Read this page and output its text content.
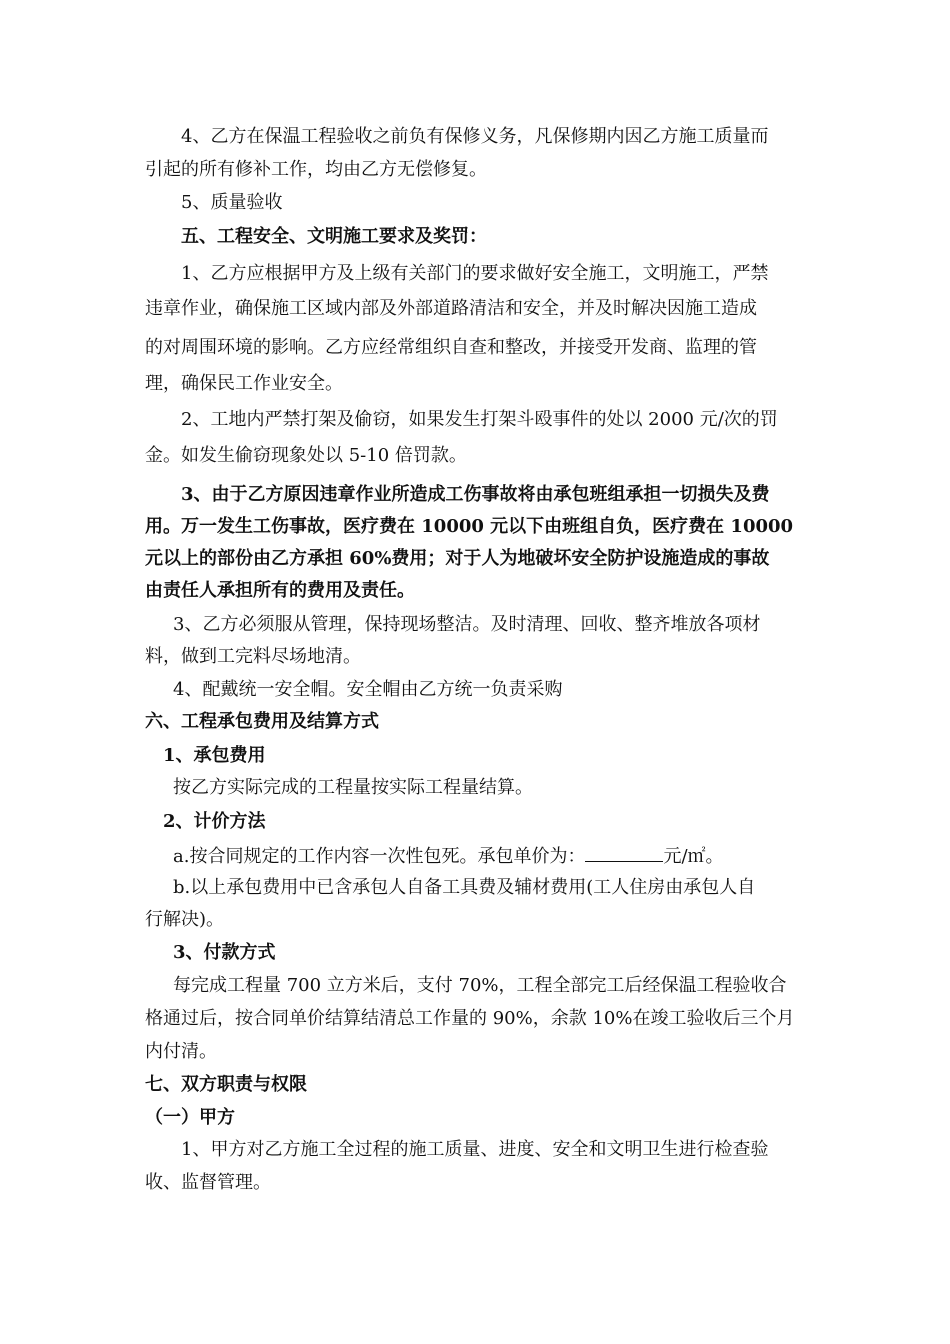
4、乙方在保温工程验收之前负有保修义务，凡保修期内因乙方施工质量而
引起的所有修补工作，均由乙方无偿修复。
5、质量验收
五、工程安全、文明施工要求及奖罚：
1、乙方应根据甲方及上级有关部门的要求做好安全施工，文明施工，严禁
违章作业，确保施工区域内部及外部道路清洁和安全，并及时解决因施工造成
的对周围环境的影响。乙方应经常组织自查和整改，并接受开发商、监理的管
理，确保民工作业安全。
2、工地内严禁打架及偷窃，如果发生打架斗殴事件的处以 2000 元/次的罚
金。如发生偷窃现象处以 5-10 倍罚款。
3、由于乙方原因违章作业所造成工伤事故将由承包班组承担一切损失及费
用。万一发生工伤事故，医疗费在 10000 元以下由班组自负，医疗费在 10000
元以上的部份由乙方承担 60%费用；对于人为地破坏安全防护设施造成的事故
由责任人承担所有的费用及责任。
3、乙方必须服从管理，保持现场整洁。及时清理、回收、整齐堆放各项材
料，做到工完料尽场地清。
4、配戴统一安全帽。安全帽由乙方统一负责采购
六、工程承包费用及结算方式
1、承包费用
按乙方实际完成的工程量按实际工程量结算。
2、计价方法
a.按合同规定的工作内容一次性包死。承包单价为：	元/㎡。
b.以上承包费用中已含承包人自备工具费及辅材费用(工人住房由承包人自
行解决)。
3、付款方式
每完成工程量 700 立方米后，支付 70%，工程全部完工后经保温工程验收合
格通过后，按合同单价结算结清总工作量的 90%，余款 10%在竣工验收后三个月
内付清。
七、双方职责与权限
（一）甲方
1、甲方对乙方施工全过程的施工质量、进度、安全和文明卫生进行检查验
收、监督管理。
